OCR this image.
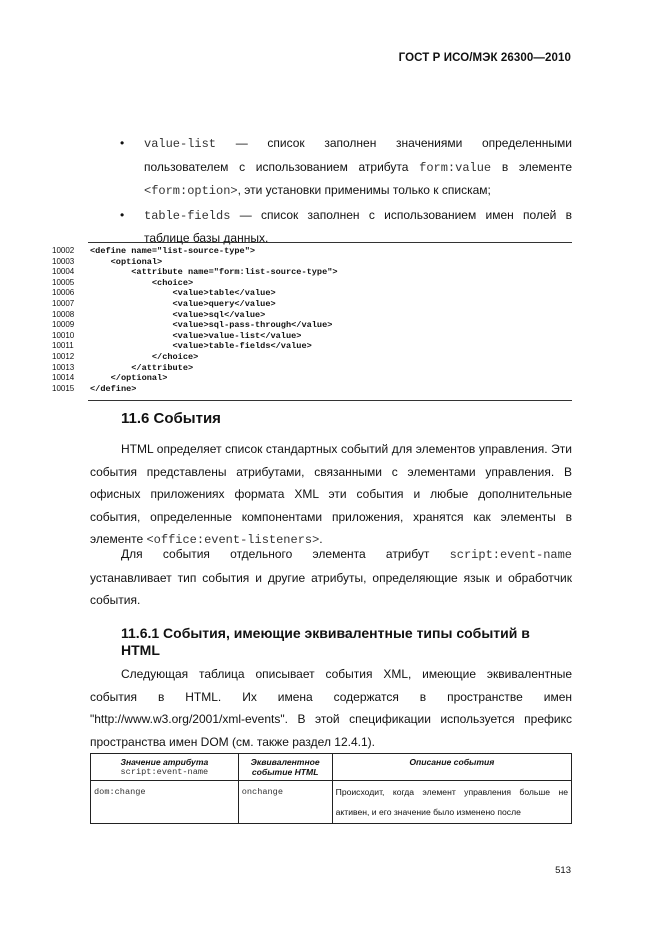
ГОСТ Р ИСО/МЭК 26300—2010
• value-list — список заполнен значениями определенными пользователем с использованием атрибута form:value в элементе <form:option>, эти установки применимы только к спискам;
• table-fields — список заполнен с использованием имен полей в таблице базы данных.
10002	<define name="list-source-type">
10003	<optional>
10004	<attribute name="form:list-source-type">
10005	<choice>
10006	<value>table</value>
10007	<value>query</value>
10008	<value>sql</value>
10009	<value>sql-pass-through</value>
10010	<value>value-list</value>
10011	<value>table-fields</value>
10012	</choice>
10013	</attribute>
10014	</optional>
10015	</define>
11.6 События
HTML определяет список стандартных событий для элементов управления. Эти события представлены атрибутами, связанными с элементами управления. В офисных приложениях формата XML эти события и любые дополнительные события, определенные компонентами приложения, хранятся как элементы в элементе <office:event-listeners>.
Для события отдельного элемента атрибут script:event-name устанавливает тип события и другие атрибуты, определяющие язык и обработчик события.
11.6.1 События, имеющие эквивалентные типы событий в HTML
Следующая таблица описывает события XML, имеющие эквивалентные события в HTML. Их имена содержатся в пространстве имен "http://www.w3.org/2001/xml-events". В этой спецификации используется префикс пространства имен DOM (см. также раздел 12.4.1).
Значение атрибута
script:event-name	Эквивалентное событие HTML	Описание события
dom:change	onchange	Происходит, когда элемент управления больше не активен, и его значение было изменено после
513
